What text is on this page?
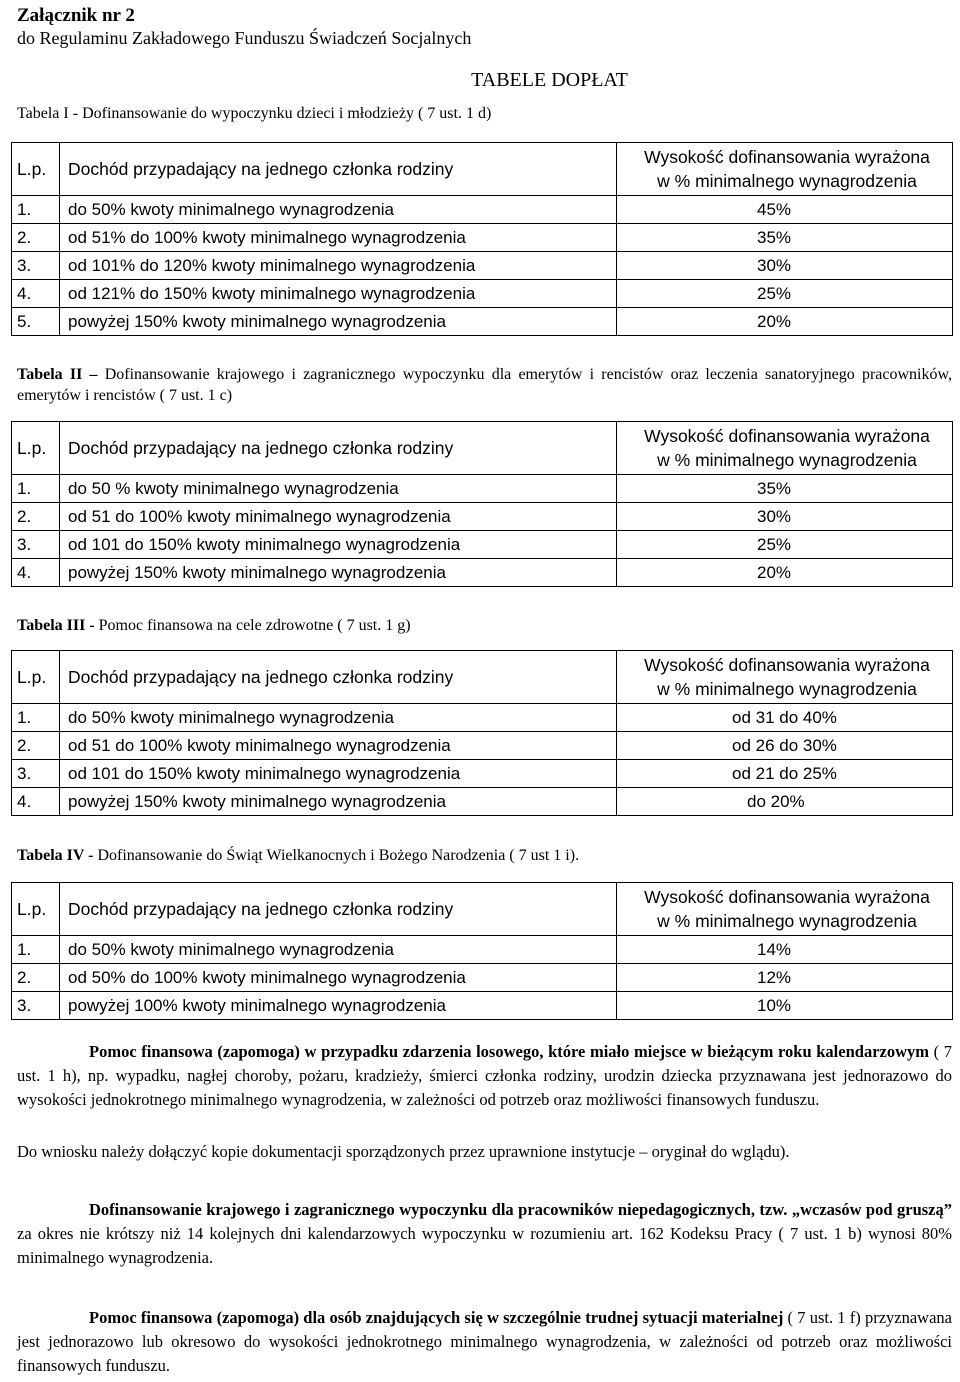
Załącznik nr 2
do Regulaminu Zakładowego Funduszu Świadczeń Socjalnych
TABELE DOPŁAT
Tabela I - Dofinansowanie do wypoczynku dzieci i młodzieży ( 7 ust. 1 d)
L.p.	Dochód przypadający na jednego członka rodziny	Wysokość dofinansowania wyrażona
w % minimalnego wynagrodzenia

1.	do 50% kwoty minimalnego wynagrodzenia	45%
2.	od 51% do 100% kwoty minimalnego wynagrodzenia	35%
3.	od 101% do 120% kwoty minimalnego wynagrodzenia	30%
4.	od 121% do 150% kwoty minimalnego wynagrodzenia	25%
5.	powyżej 150% kwoty minimalnego wynagrodzenia	20%
Tabela II – Dofinansowanie krajowego i zagranicznego wypoczynku dla emerytów i rencistów oraz leczenia sanatoryjnego pracowników, emerytów i rencistów ( 7 ust. 1 c)
L.p.	Dochód przypadający na jednego członka rodziny	Wysokość dofinansowania wyrażona
w % minimalnego wynagrodzenia

1.	do 50 % kwoty minimalnego wynagrodzenia	35%
2.	od 51 do 100% kwoty minimalnego wynagrodzenia	30%
3.	od 101 do 150% kwoty minimalnego wynagrodzenia	25%
4.	powyżej 150% kwoty minimalnego wynagrodzenia	20%
Tabela III - Pomoc finansowa na cele zdrowotne ( 7 ust. 1 g)
L.p.	Dochód przypadający na jednego członka rodziny	Wysokość dofinansowania wyrażona
w % minimalnego wynagrodzenia

1.	do 50% kwoty minimalnego wynagrodzenia	od 31 do 40%
2.	od 51 do 100% kwoty minimalnego wynagrodzenia	od 26 do 30%
3.	od 101 do 150% kwoty minimalnego wynagrodzenia	od 21 do 25%
4.	powyżej 150% kwoty minimalnego wynagrodzenia	do 20%
Tabela IV - Dofinansowanie do Świąt Wielkanocnych i Bożego Narodzenia ( 7 ust 1 i).
L.p.	Dochód przypadający na jednego członka rodziny	Wysokość dofinansowania wyrażona
w % minimalnego wynagrodzenia

1.	do 50% kwoty minimalnego wynagrodzenia	14%
2.	od 50% do 100% kwoty minimalnego wynagrodzenia	12%
3.	powyżej 100% kwoty minimalnego wynagrodzenia	10%
Pomoc finansowa (zapomoga) w przypadku zdarzenia losowego, które miało miejsce w bieżącym roku kalendarzowym ( 7 ust. 1 h), np. wypadku, nagłej choroby, pożaru, kradzieży, śmierci członka rodziny, urodzin dziecka przyznawana jest jednorazowo do wysokości jednokrotnego minimalnego wynagrodzenia, w zależności od potrzeb oraz możliwości finansowych funduszu.
Do wniosku należy dołączyć kopie dokumentacji sporządzonych przez uprawnione instytucje – oryginał do wglądu).
Dofinansowanie krajowego i zagranicznego wypoczynku dla pracowników niepedagogicznych, tzw. „wczasów pod gruszą” za okres nie krótszy niż 14 kolejnych dni kalendarzowych wypoczynku w rozumieniu art. 162 Kodeksu Pracy ( 7 ust. 1 b) wynosi 80% minimalnego wynagrodzenia.
Pomoc finansowa (zapomoga) dla osób znajdujących się w szczególnie trudnej sytuacji materialnej ( 7 ust. 1 f) przyznawana jest jednorazowo lub okresowo do wysokości jednokrotnego minimalnego wynagrodzenia, w zależności od potrzeb oraz możliwości finansowych funduszu.
